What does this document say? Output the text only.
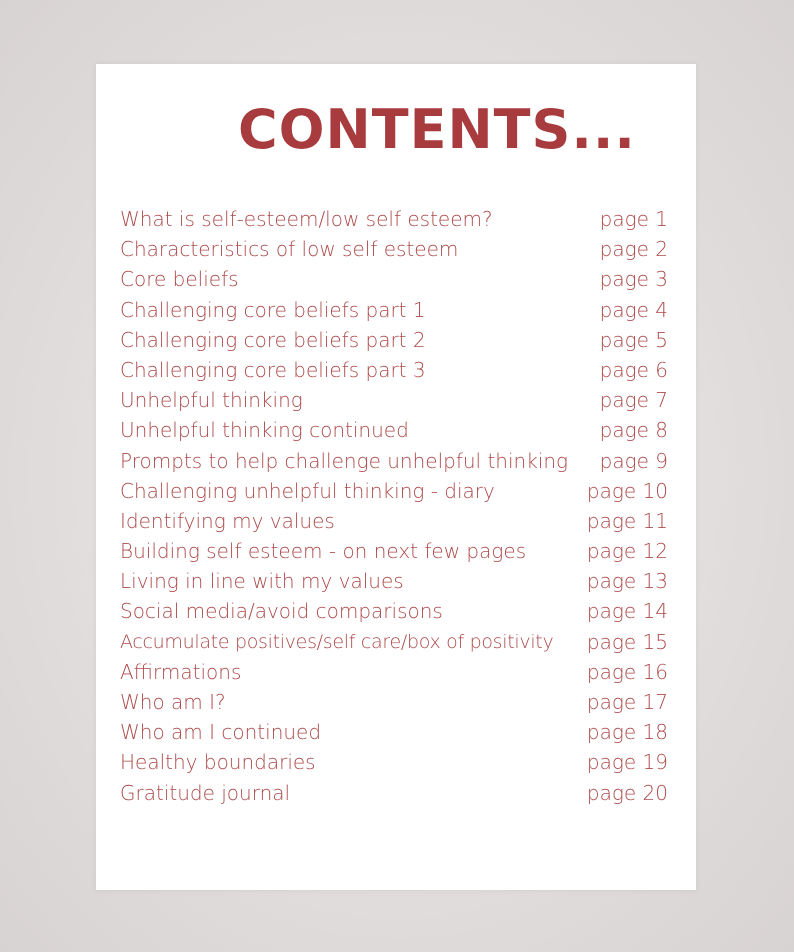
CONTENTS...
What is self-esteem/low self esteem?	page 1
Characteristics of low self esteem	page 2
Core beliefs	page 3
Challenging core beliefs part 1	page 4
Challenging core beliefs part 2	page 5
Challenging core beliefs part 3	page 6
Unhelpful thinking	page 7
Unhelpful thinking continued	page 8
Prompts to help challenge unhelpful thinking page 9
Challenging unhelpful thinking - diary	page 10
Identifying my values	page 11
Building self esteem - on next few pages	page 12
Living in line with my values	page 13
Social media/avoid comparisons	page 14
Accumulate positives/self care/box of positivity page 15
Affirmations	page 16
Who am I?	page 17
Who am I continued	page 18
Healthy boundaries	page 19
Gratitude journal	page 20
